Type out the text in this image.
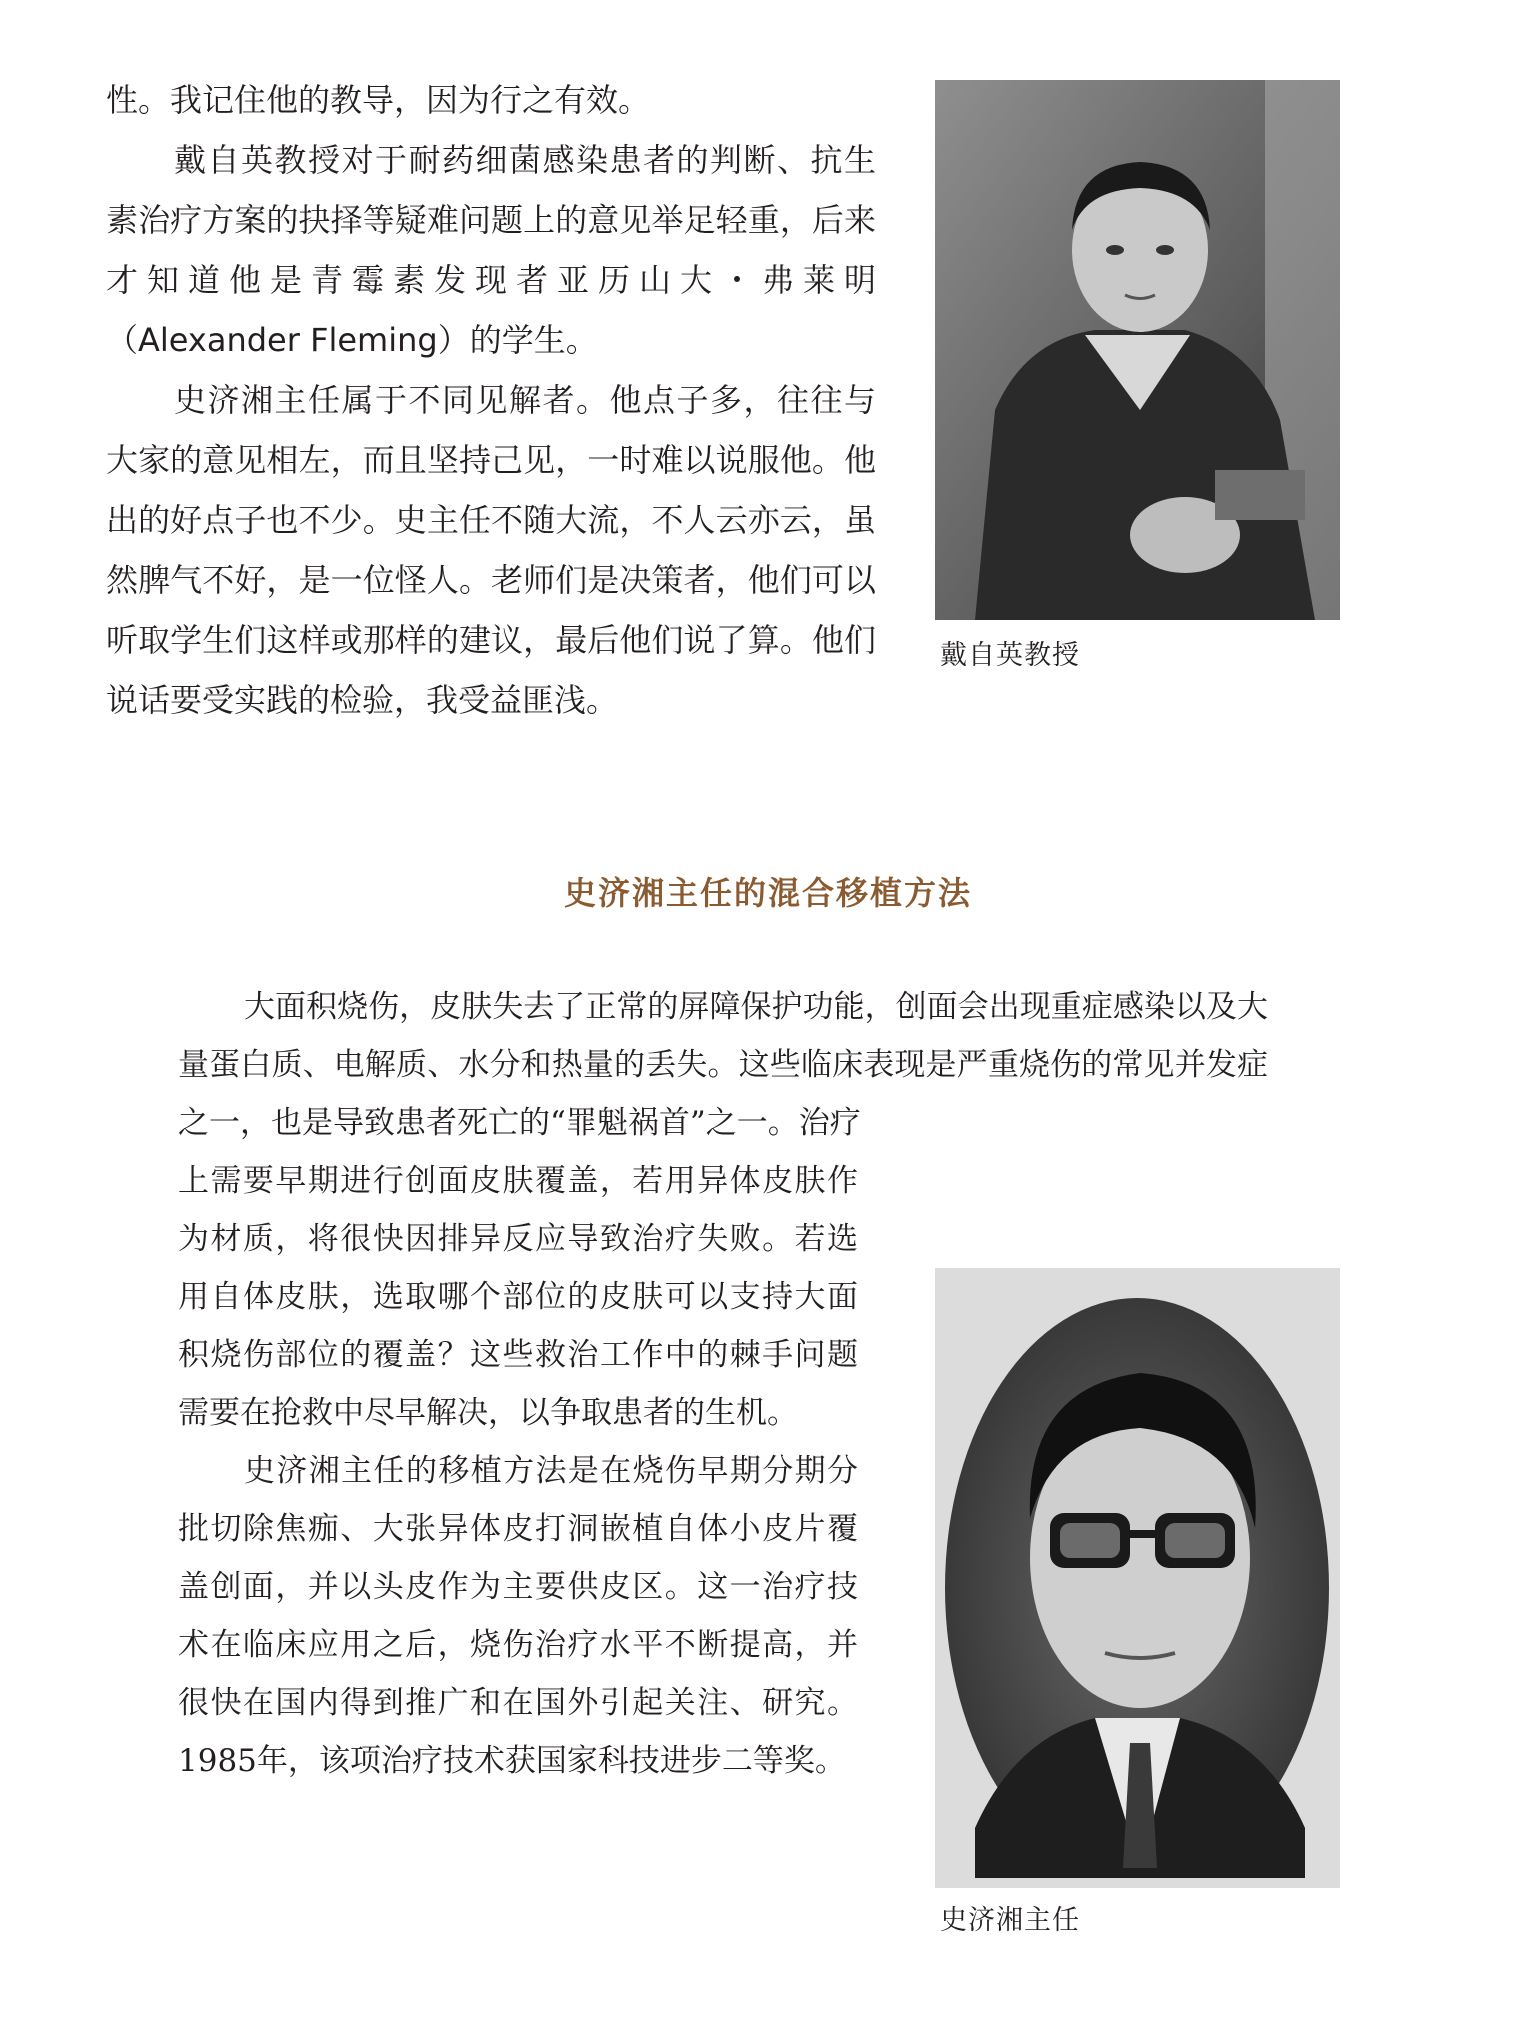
性。我记住他的教导，因为行之有效。

戴自英教授对于耐药细菌感染患者的判断、抗生素治疗方案的抉择等疑难问题上的意见举足轻重，后来才知道他是青霉素发现者亚历山大・弗莱明（Alexander Fleming）的学生。

史济湘主任属于不同见解者。他点子多，往往与大家的意见相左，而且坚持己见，一时难以说服他。他出的好点子也不少。史主任不随大流，不人云亦云，虽然脾气不好，是一位怪人。老师们是决策者，他们可以听取学生们这样或那样的建议，最后他们说了算。他们说话要受实践的检验，我受益匪浅。

戴自英教授
史济湘主任的混合移植方法

大面积烧伤，皮肤失去了正常的屏障保护功能，创面会出现重症感染以及大量蛋白质、电解质、水分和热量的丢失。这些临床表现是严重烧伤的常见并发症之一，也是导致患者死亡的“罪魁祸首”之一。治疗

上需要早期进行创面皮肤覆盖，若用异体皮肤作为材质，将很快因排异反应导致治疗失败。若选用自体皮肤，选取哪个部位的皮肤可以支持大面积烧伤部位的覆盖？这些救治工作中的棘手问题需要在抢救中尽早解决，以争取患者的生机。

史济湘主任的移植方法是在烧伤早期分期分批切除焦痂、大张异体皮打洞嵌植自体小皮片覆盖创面，并以头皮作为主要供皮区。这一治疗技术在临床应用之后，烧伤治疗水平不断提高，并很快在国内得到推广和在国外引起关注、研究。1985年，该项治疗技术获国家科技进步二等奖。

史济湘主任
